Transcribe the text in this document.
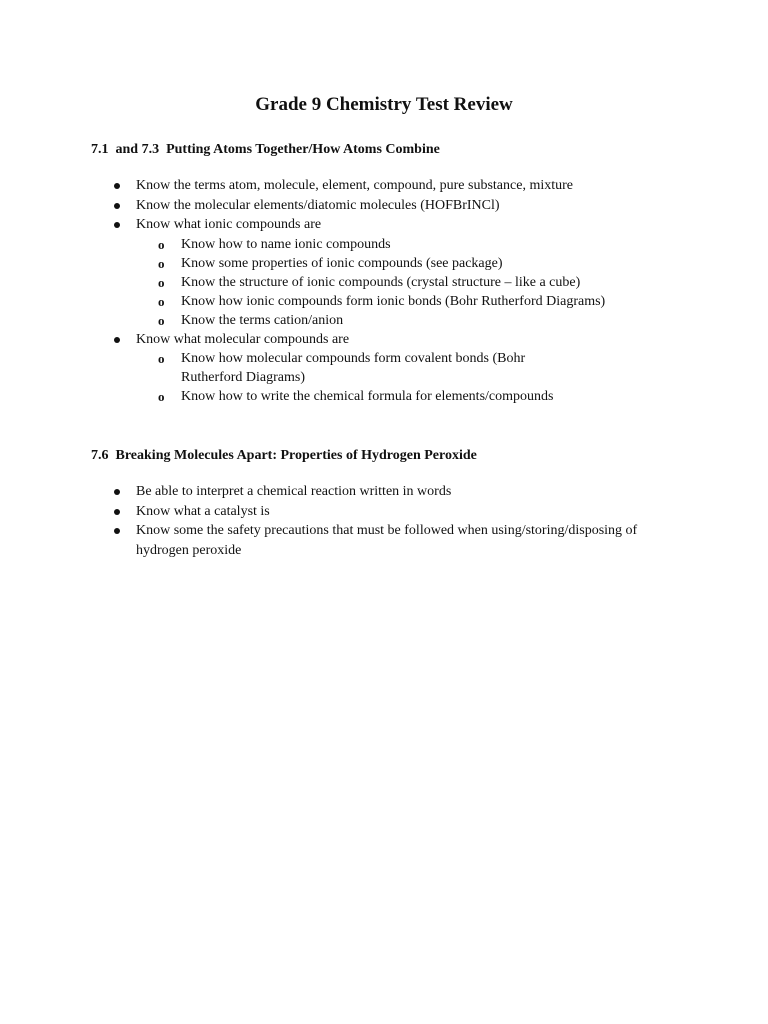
Grade 9 Chemistry Test Review
7.1  and 7.3  Putting Atoms Together/How Atoms Combine
Know the terms atom, molecule, element, compound, pure substance, mixture
Know the molecular elements/diatomic molecules (HOFBrINCl)
Know what ionic compounds are
o Know how to name ionic compounds
o Know some properties of ionic compounds (see package)
o Know the structure of ionic compounds (crystal structure – like a cube)
o Know how ionic compounds form ionic bonds (Bohr Rutherford Diagrams)
o Know the terms cation/anion
Know what molecular compounds are
o Know how molecular compounds form covalent bonds (Bohr Rutherford Diagrams)
o Know how to write the chemical formula for elements/compounds
7.6  Breaking Molecules Apart: Properties of Hydrogen Peroxide
Be able to interpret a chemical reaction written in words
Know what a catalyst is
Know some the safety precautions that must be followed when using/storing/disposing of hydrogen peroxide
